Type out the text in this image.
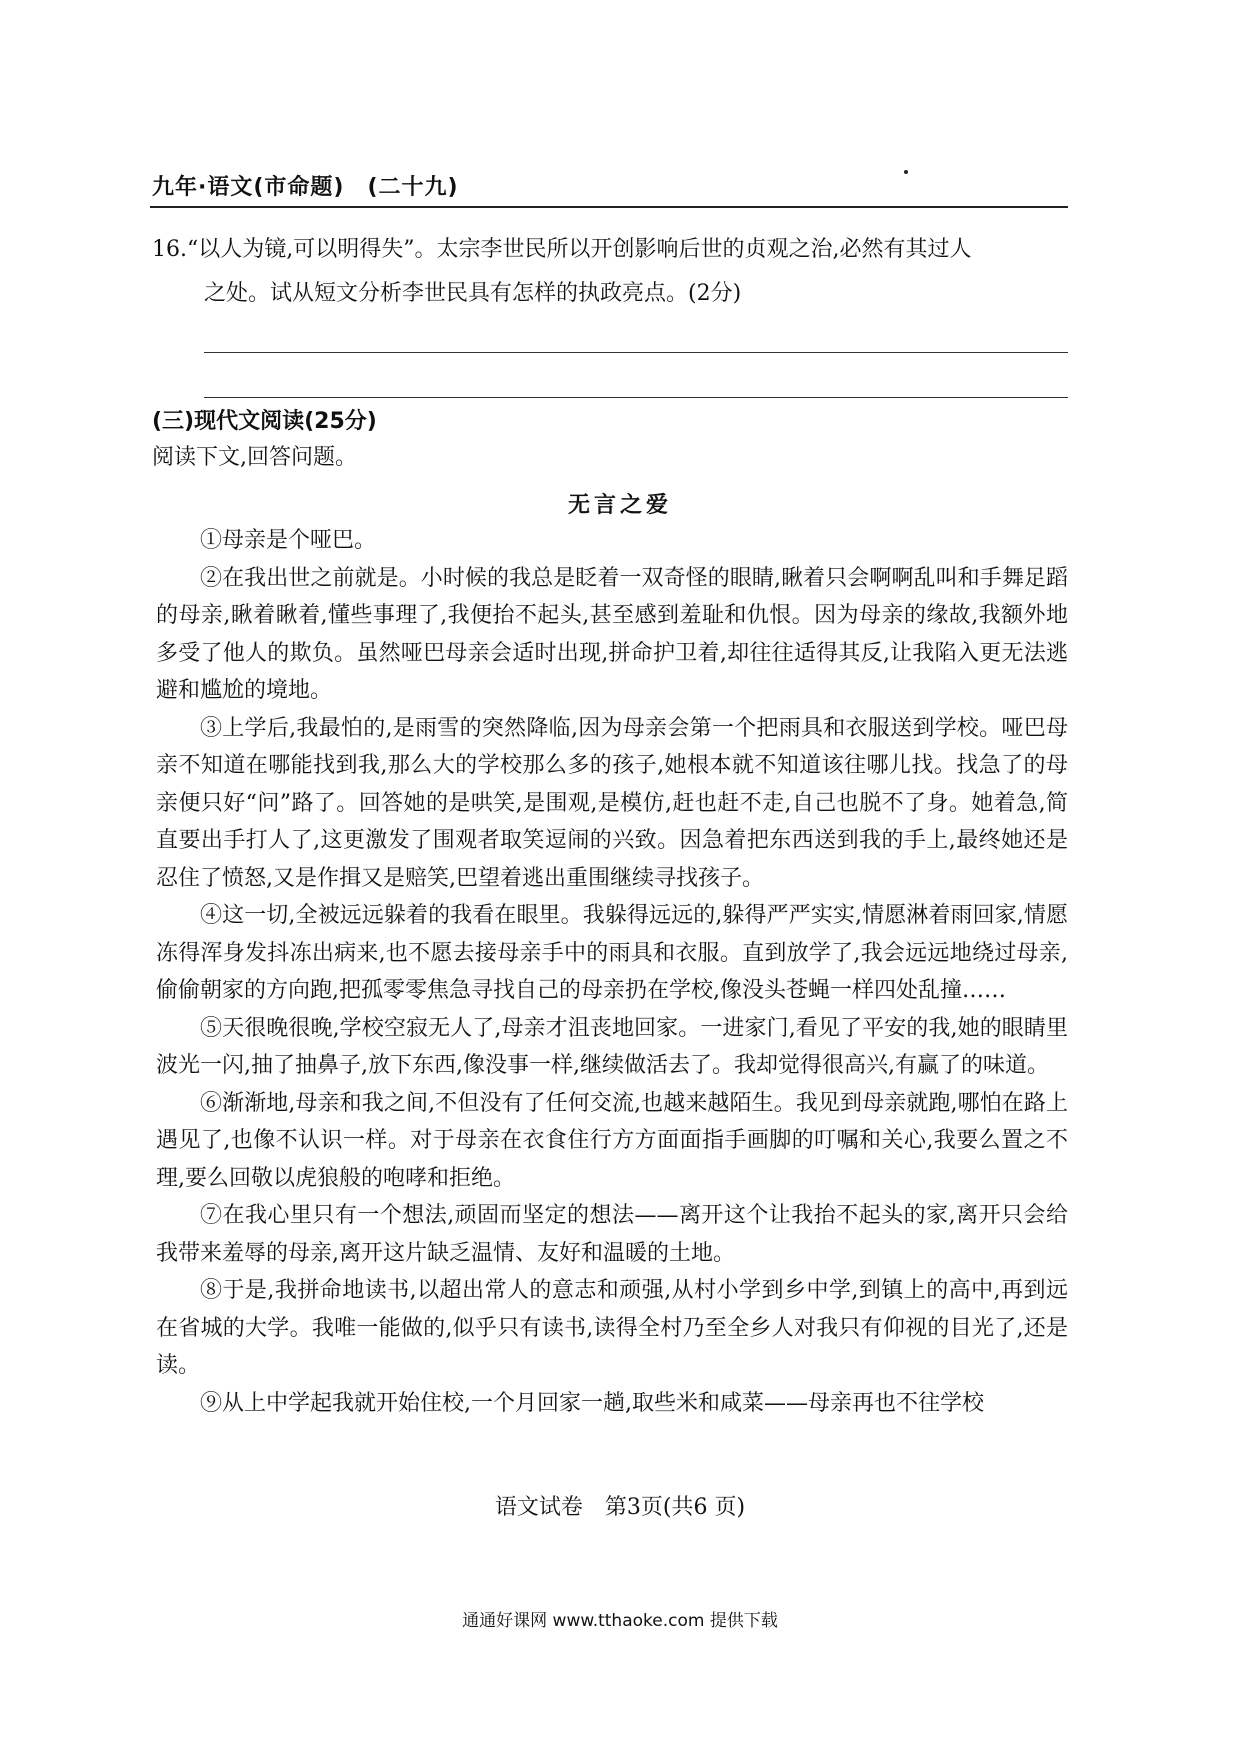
九年·语文(市命题)　(二十九)
16.“以人为镜,可以明得失”。太宗李世民所以开创影响后世的贞观之治,必然有其过人
之处。试从短文分析李世民具有怎样的执政亮点。(2分)
(三)现代文阅读(25分)
阅读下文,回答问题。
无言之爱

①母亲是个哑巴。

②在我出世之前就是。小时候的我总是眨着一双奇怪的眼睛,瞅着只会啊啊乱叫和手舞足蹈的母亲,瞅着瞅着,懂些事理了,我便抬不起头,甚至感到羞耻和仇恨。因为母亲的缘故,我额外地多受了他人的欺负。虽然哑巴母亲会适时出现,拼命护卫着,却往往适得其反,让我陷入更无法逃避和尴尬的境地。

③上学后,我最怕的,是雨雪的突然降临,因为母亲会第一个把雨具和衣服送到学校。哑巴母亲不知道在哪能找到我,那么大的学校那么多的孩子,她根本就不知道该往哪儿找。找急了的母亲便只好“问”路了。回答她的是哄笑,是围观,是模仿,赶也赶不走,自己也脱不了身。她着急,简直要出手打人了,这更激发了围观者取笑逗闹的兴致。因急着把东西送到我的手上,最终她还是忍住了愤怒,又是作揖又是赔笑,巴望着逃出重围继续寻找孩子。

④这一切,全被远远躲着的我看在眼里。我躲得远远的,躲得严严实实,情愿淋着雨回家,情愿冻得浑身发抖冻出病来,也不愿去接母亲手中的雨具和衣服。直到放学了,我会远远地绕过母亲,偷偷朝家的方向跑,把孤零零焦急寻找自己的母亲扔在学校,像没头苍蝇一样四处乱撞……

⑤天很晚很晚,学校空寂无人了,母亲才沮丧地回家。一进家门,看见了平安的我,她的眼睛里波光一闪,抽了抽鼻子,放下东西,像没事一样,继续做活去了。我却觉得很高兴,有赢了的味道。

⑥渐渐地,母亲和我之间,不但没有了任何交流,也越来越陌生。我见到母亲就跑,哪怕在路上遇见了,也像不认识一样。对于母亲在衣食住行方方面面指手画脚的叮嘱和关心,我要么置之不理,要么回敬以虎狼般的咆哮和拒绝。

⑦在我心里只有一个想法,顽固而坚定的想法——离开这个让我抬不起头的家,离开只会给我带来羞辱的母亲,离开这片缺乏温情、友好和温暖的土地。

⑧于是,我拼命地读书,以超出常人的意志和顽强,从村小学到乡中学,到镇上的高中,再到远在省城的大学。我唯一能做的,似乎只有读书,读得全村乃至全乡人对我只有仰视的目光了,还是读。

⑨从上中学起我就开始住校,一个月回家一趟,取些米和咸菜——母亲再也不往学校

语文试卷　第3页(共6 页)
通通好课网 www.tthaoke.com 提供下载
